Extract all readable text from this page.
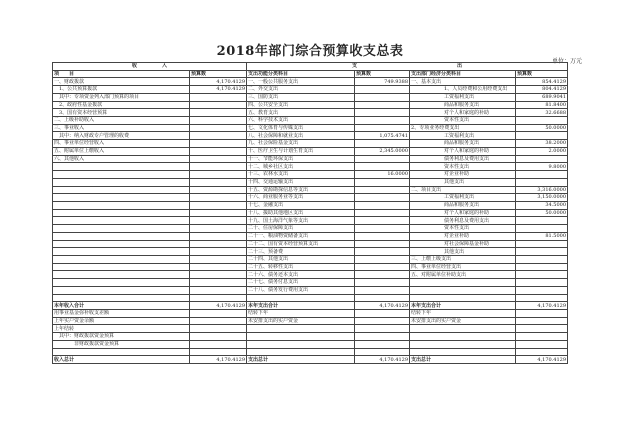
2018年部门综合预算收支总表
单位：万元
收　　　　　入		支　　　　　　　　　　　　　　　　　　　　出			
项　　目	预算数	支出功能分类科目	预算数	支出部门经济分类科目	预算数
一、财政拨款	4,170.4129	一、一般公共服务支出	749.9388	一、基本支出	854.4129
　1、公共预算拨款	4,170.4129	二、外交支出		1、人员经费和公用经费支出	804.4129
　其中：专项资金列入部门预算的项目		三、国防支出		工资福利支出	689.9041
　2、政府性基金拨款		四、公共安全支出		商品和服务支出	81.8400
　3、国有资本经营预算		五、教育支出		对个人和家庭的补助	32.6688
二、上级补助收入		六、科学技术支出		资本性支出	
三、事业收入		七、文化体育与传媒支出		2、专项业务经费支出	50.0000
　其中：纳入财政专户管理的收费		八、社会保障和就业支出	1,075.4741	工资福利支出	
四、事业单位经营收入		九、社会保险基金支出		商品和服务支出	38.2000
五、附属单位上缴收入		十、医疗卫生与计划生育支出	2,345.0000	对个人和家庭的补助	2.0000
六、其他收入		十一、节能环保支出		债务利息及费用支出	
		十二、城乡社区支出		资本性支出	9.8000
		十三、农林水支出	16.0000	对企业补助	
		十四、交通运输支出		其他支出	
		十五、资源勘探信息等支出		二、项目支出	3,316.0000
		十六、商业服务业等支出		工资福利支出	3,150.0000
		十七、金融支出		商品和服务支出	34.5000
		十八、援助其他地区支出		对个人和家庭的补助	50.0000
		十九、国土海洋气象等支出		债务利息及费用支出	
		二十、住房保障支出		资本性支出	
		二十一、粮油物资储备支出		对企业补助	81.5000
		二十二、国有资本经营预算支出		对社会保障基金补助	
		二十三、预备费		其他支出	
		二十四、其他支出		三、上缴上级支出	
		二十五、转移性支出		四、事业单位经营支出	
		二十六、债务还本支出		五、对附属单位补助支出	
		二十七、债务付息支出			
		二十八、债务发行费用支出			

本年收入合计	4,170.4129	本年支出合计	4,170.4129	本年支出合计	4,170.4129
用事业基金弥补收支差额		结转下年		结转下年	
上年实户资金余额		未安排支出的实户资金		未安排支出的实户资金	
上年结转					
　其中：财政拨款资金预算					
　　　　非财政拨款资金预算					

收入总计	4,170.4129	支出总计	4,170.4129	支出总计	4,170.4129
